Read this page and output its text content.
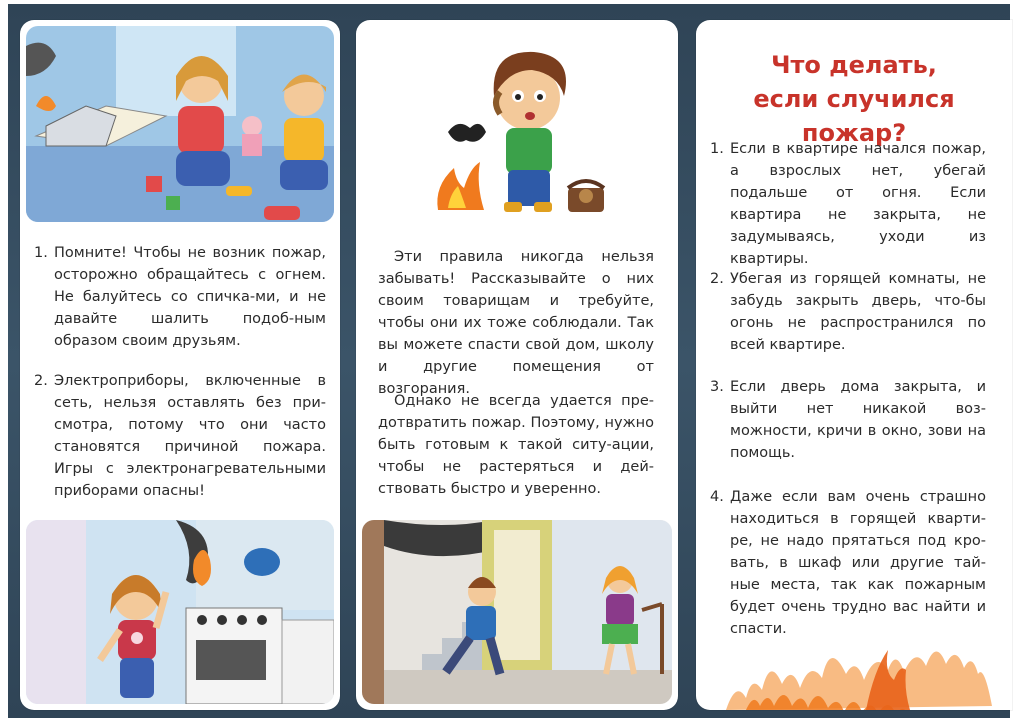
1. Помните! Чтобы не возник пожар, осторожно обращайтесь с огнем. Не балуйтесь со спичка-ми, и не давайте шалить подоб-ным образом своим друзьям.
2. Электроприборы, включенные в сеть, нельзя оставлять без при-смотра, потому что они часто становятся причиной пожара. Игры с электронагревательными приборами опасны!
Эти правила никогда нельзя забывать! Рассказывайте о них своим товарищам и требуйте, чтобы они их тоже соблюдали. Так вы можете спасти свой дом, школу и другие помещения от возгорания.
Однако не всегда удается пре-дотвратить пожар. Поэтому, нужно быть готовым к такой ситу-ации, чтобы не растеряться и дей-ствовать быстро и уверенно.
Что делать, если случился пожар?
1. Если в квартире начался пожар, а взрослых нет, убегай подальше от огня. Если квартира не закрыта, не задумываясь, уходи из квартиры.
2. Убегая из горящей комнаты, не забудь закрыть дверь, что-бы огонь не распространился по всей квартире.
3. Если дверь дома закрыта, и выйти нет никакой воз-можности, кричи в окно, зови на помощь.
4. Даже если вам очень страшно находиться в горящей кварти-ре, не надо прятаться под кро-вать, в шкаф или другие тай-ные места, так как пожарным будет очень трудно вас найти и спасти.
